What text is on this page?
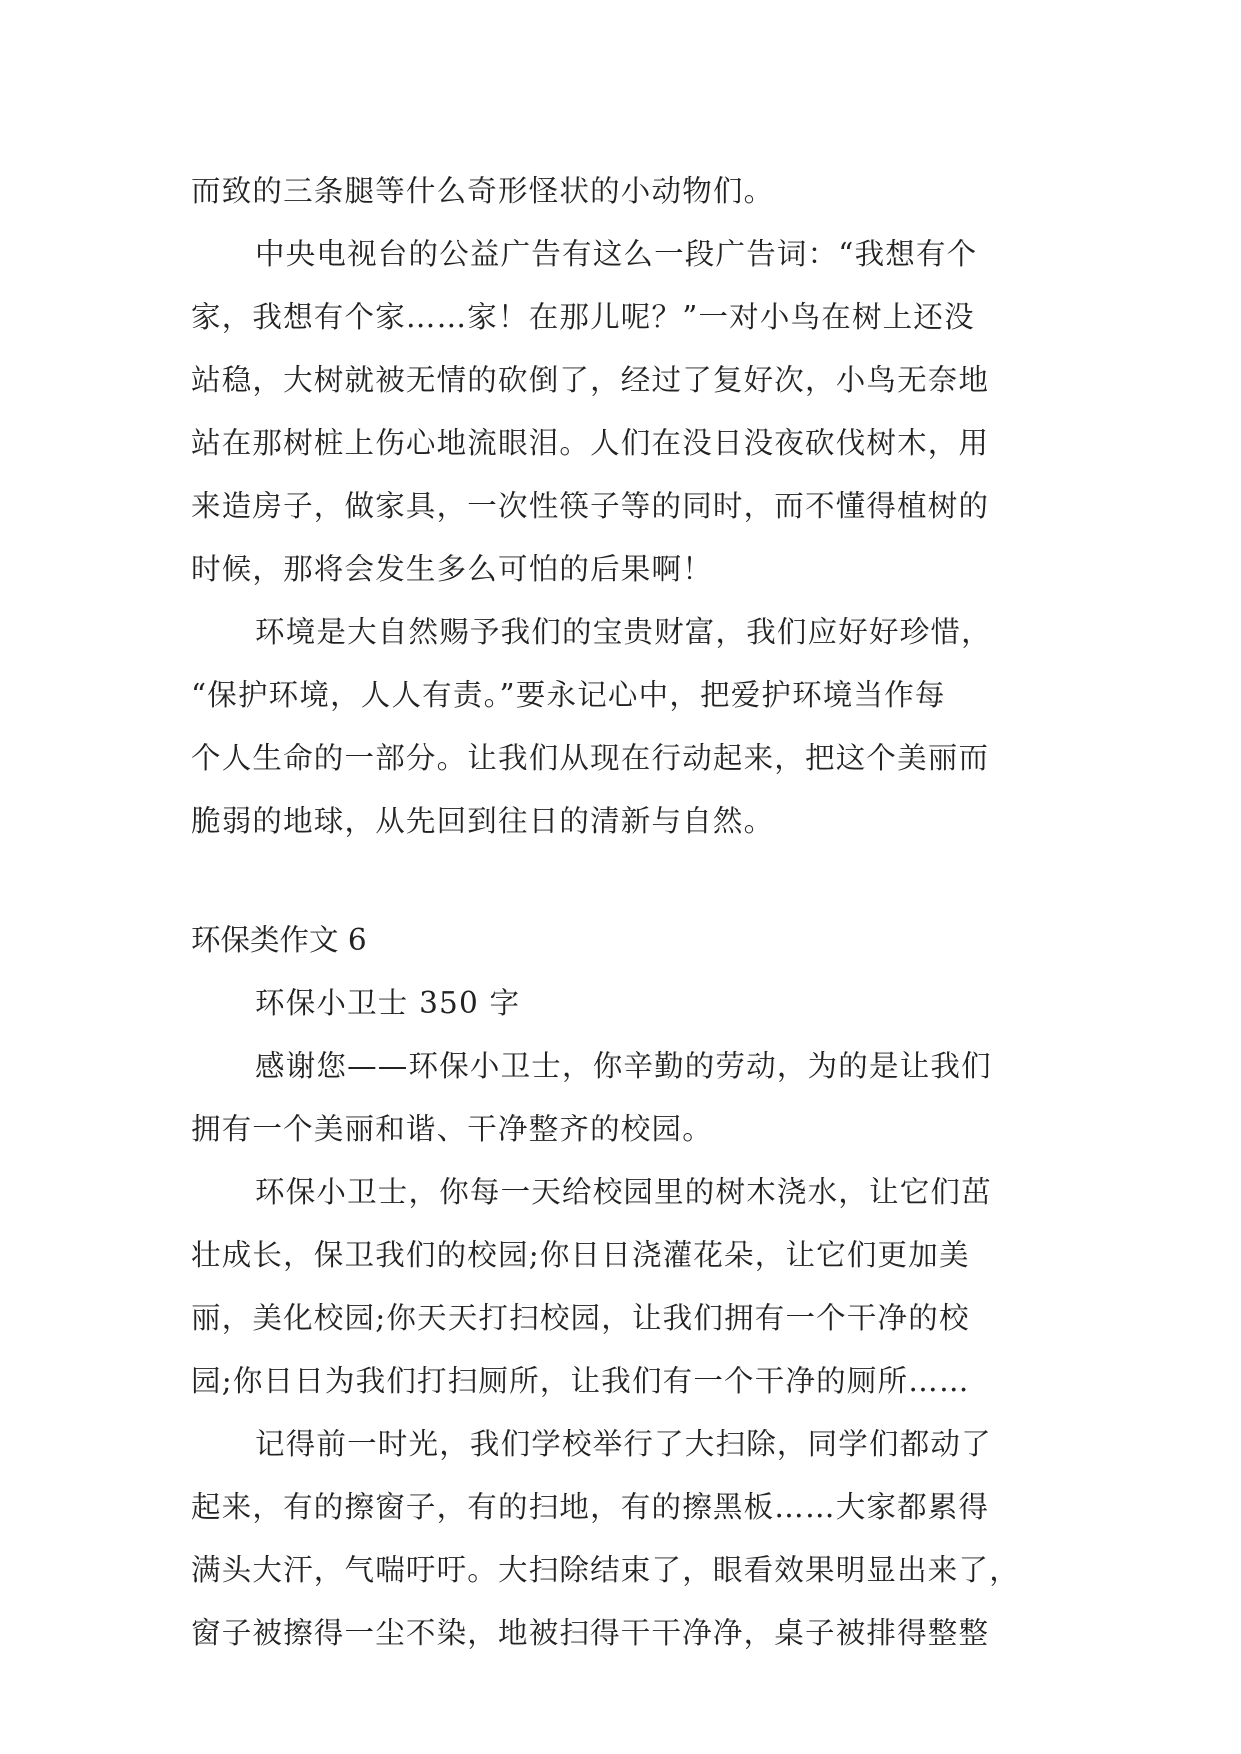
而致的三条腿等什么奇形怪状的小动物们。
中央电视台的公益广告有这么一段广告词：“我想有个
家，我想有个家……家！在那儿呢？”一对小鸟在树上还没
站稳，大树就被无情的砍倒了，经过了复好次，小鸟无奈地
站在那树桩上伤心地流眼泪。人们在没日没夜砍伐树木，用
来造房子，做家具，一次性筷子等的同时，而不懂得植树的
时候，那将会发生多么可怕的后果啊！
环境是大自然赐予我们的宝贵财富，我们应好好珍惜，
“保护环境，人人有责。”要永记心中，把爱护环境当作每
个人生命的一部分。让我们从现在行动起来，把这个美丽而
脆弱的地球，从先回到往日的清新与自然。
环保类作文 6
环保小卫士 350 字
感谢您——环保小卫士，你辛勤的劳动，为的是让我们
拥有一个美丽和谐、干净整齐的校园。
环保小卫士，你每一天给校园里的树木浇水，让它们茁
壮成长，保卫我们的校园;你日日浇灌花朵，让它们更加美
丽，美化校园;你天天打扫校园，让我们拥有一个干净的校
园;你日日为我们打扫厕所，让我们有一个干净的厕所……
记得前一时光，我们学校举行了大扫除，同学们都动了
起来，有的擦窗子，有的扫地，有的擦黑板……大家都累得
满头大汗，气喘吁吁。大扫除结束了，眼看效果明显出来了，
窗子被擦得一尘不染，地被扫得干干净净，桌子被排得整整
